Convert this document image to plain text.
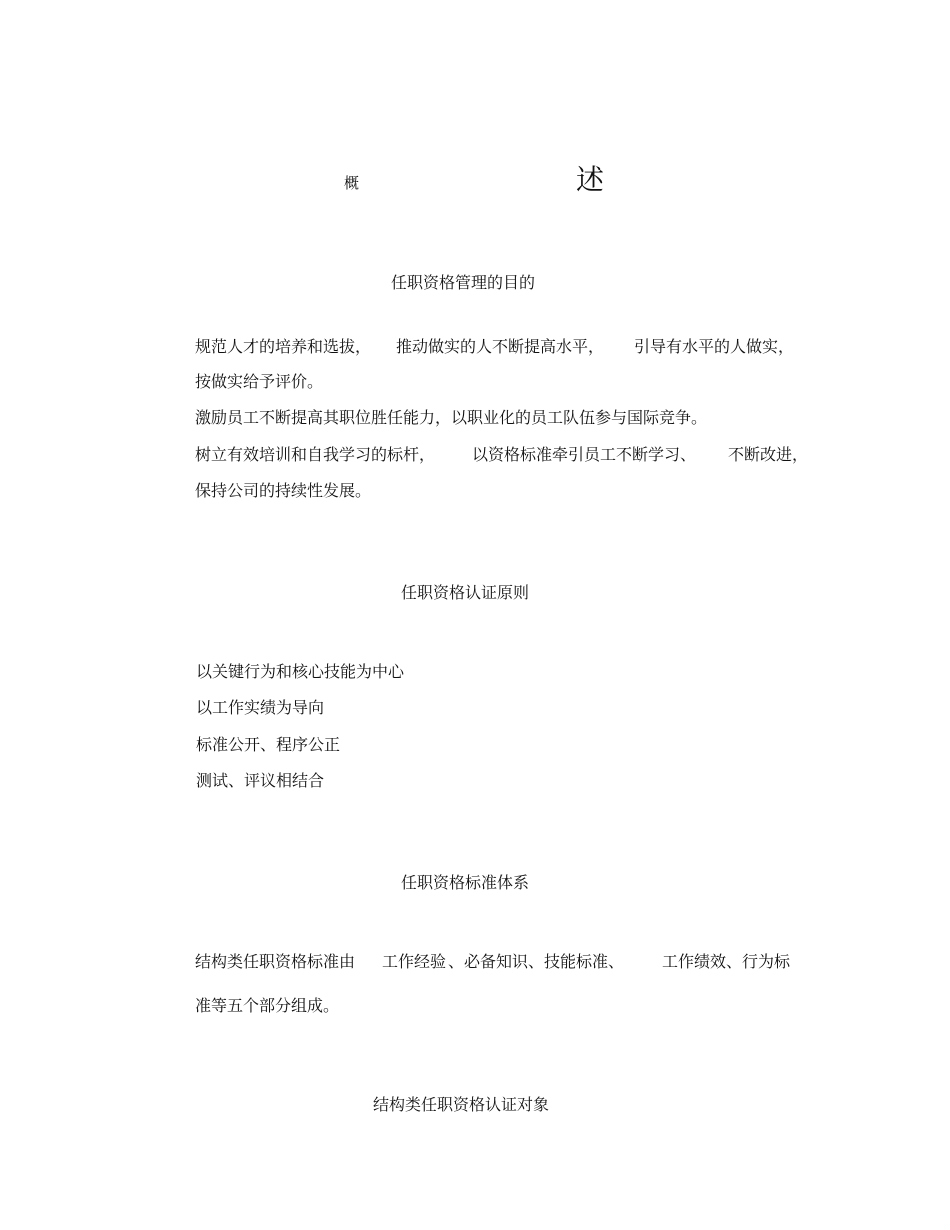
概	述
任职资格管理的目的
规范人才的培养和选拔， 推动做实的人不断提高水平， 引导有水平的人做实，
按做实给予评价。
激励员工不断提高其职位胜任能力，以职业化的员工队伍参与国际竞争。
树立有效培训和自我学习的标杆， 以资格标准牵引员工不断学习、 不断改进，
保持公司的持续性发展。
任职资格认证原则
以关键行为和核心技能为中心
以工作实绩为导向
标准公开、程序公正
测试、评议相结合
任职资格标准体系
结构类任职资格标准由 工作经验 、必备知识、技能标准、 工作绩效、行为标
准等五个部分组成。
结构类任职资格认证对象
